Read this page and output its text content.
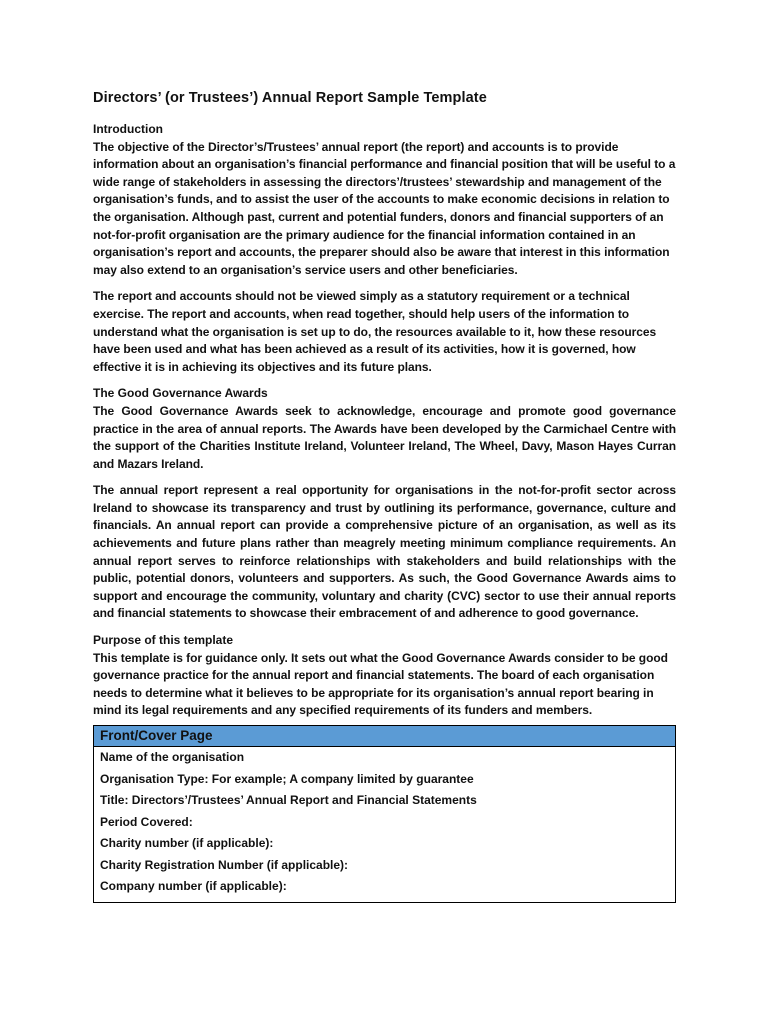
Directors’ (or Trustees’) Annual Report Sample Template
Introduction

The objective of the Director’s/Trustees’ annual report (the report) and accounts is to provide information about an organisation’s financial performance and financial position that will be useful to a wide range of stakeholders in assessing the directors’/trustees’ stewardship and management of the organisation’s funds, and to assist the user of the accounts to make economic decisions in relation to the organisation. Although past, current and potential funders, donors and financial supporters of an not-for-profit organisation are the primary audience for the financial information contained in an organisation’s report and accounts, the preparer should also be aware that interest in this information may also extend to an organisation’s service users and other beneficiaries.

The report and accounts should not be viewed simply as a statutory requirement or a technical exercise. The report and accounts, when read together, should help users of the information to understand what the organisation is set up to do, the resources available to it, how these resources have been used and what has been achieved as a result of its activities, how it is governed, how effective it is in achieving its objectives and its future plans.

The Good Governance Awards

The Good Governance Awards seek to acknowledge, encourage and promote good governance practice in the area of annual reports. The Awards have been developed by the Carmichael Centre with the support of the Charities Institute Ireland, Volunteer Ireland, The Wheel, Davy, Mason Hayes Curran and Mazars Ireland.

The annual report represent a real opportunity for organisations in the not-for-profit sector across Ireland to showcase its transparency and trust by outlining its performance, governance, culture and financials. An annual report can provide a comprehensive picture of an organisation, as well as its achievements and future plans rather than meagrely meeting minimum compliance requirements. An annual report serves to reinforce relationships with stakeholders and build relationships with the public, potential donors, volunteers and supporters. As such, the Good Governance Awards aims to support and encourage the community, voluntary and charity (CVC) sector to use their annual reports and financial statements to showcase their embracement of and adherence to good governance.

Purpose of this template

This template is for guidance only. It sets out what the Good Governance Awards consider to be good governance practice for the annual report and financial statements. The board of each organisation needs to determine what it believes to be appropriate for its organisation’s annual report bearing in mind its legal requirements and any specified requirements of its funders and members.

Front/Cover Page
Name of the organisation
Organisation Type: For example; A company limited by guarantee
Title: Directors’/Trustees’ Annual Report and Financial Statements
Period Covered:
Charity number (if applicable):
Charity Registration Number (if applicable):
Company number (if applicable):
